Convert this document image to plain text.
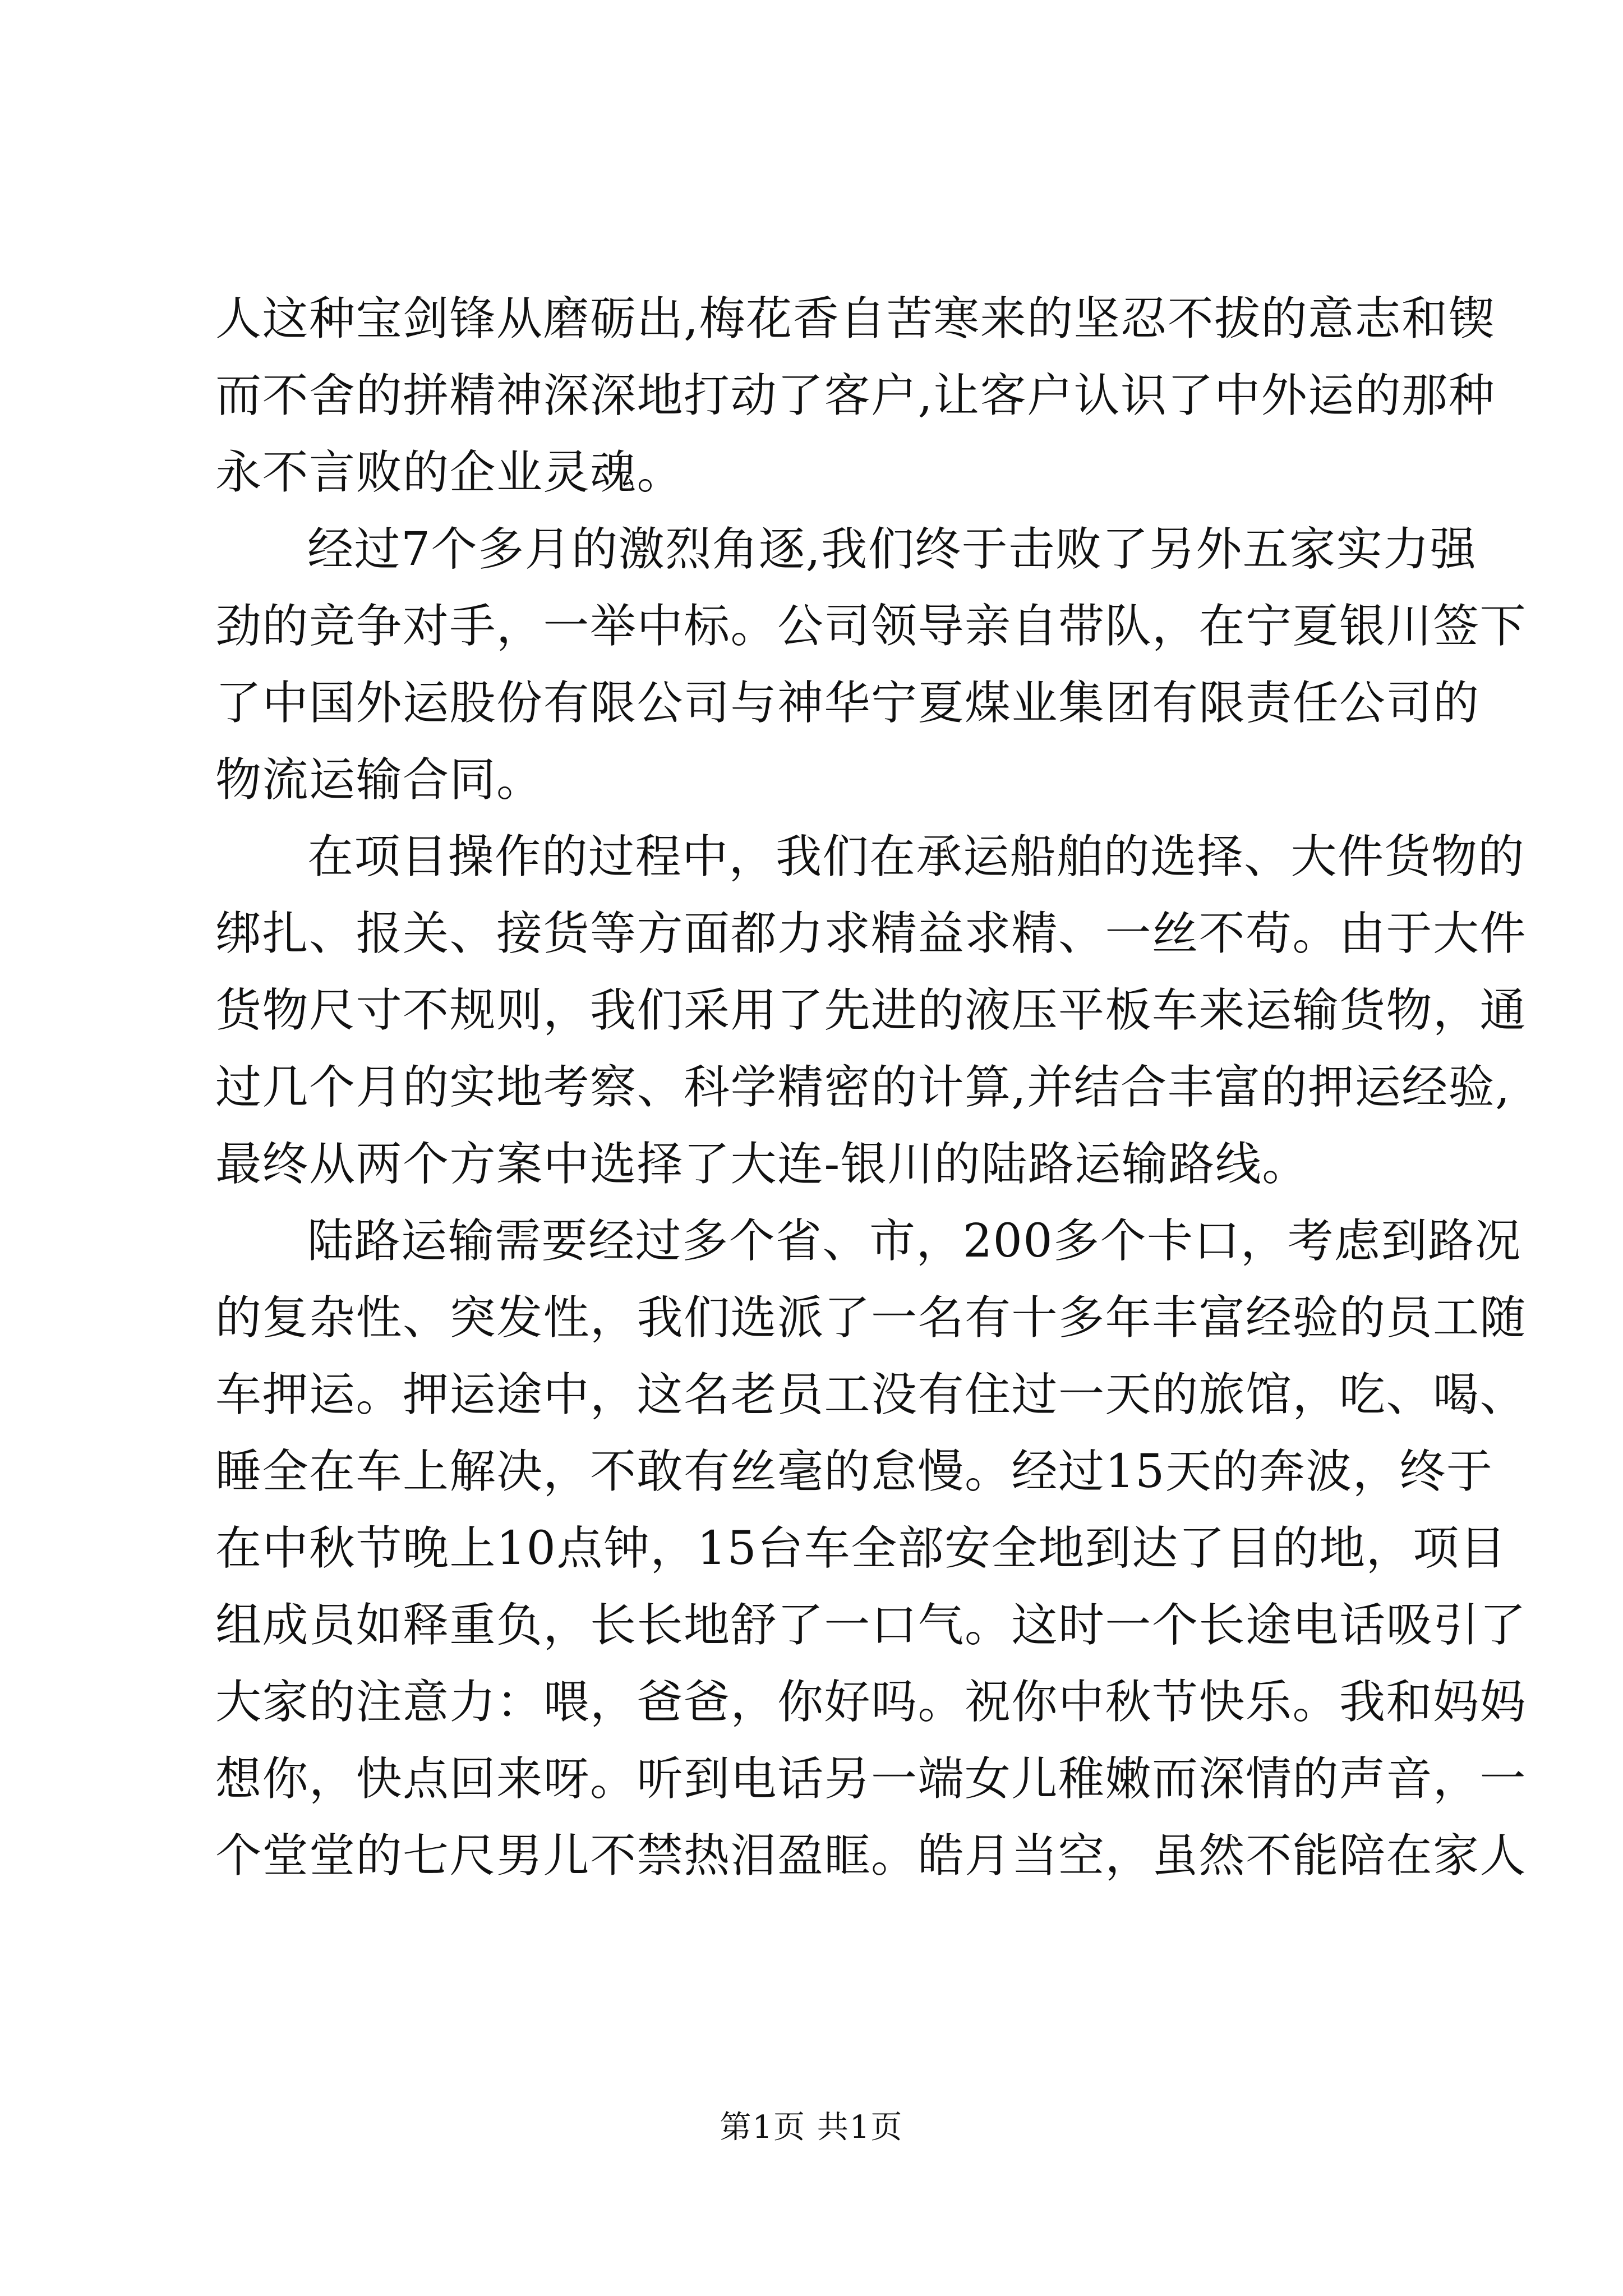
人这种宝剑锋从磨砺出,梅花香自苦寒来的坚忍不拔的意志和锲
而不舍的拼精神深深地打动了客户,让客户认识了中外运的那种
永不言败的企业灵魂。
经过7个多月的激烈角逐,我们终于击败了另外五家实力强
劲的竞争对手，一举中标。公司领导亲自带队，在宁夏银川签下
了中国外运股份有限公司与神华宁夏煤业集团有限责任公司的
物流运输合同。
在项目操作的过程中，我们在承运船舶的选择、大件货物的
绑扎、报关、接货等方面都力求精益求精、一丝不苟。由于大件
货物尺寸不规则，我们采用了先进的液压平板车来运输货物，通
过几个月的实地考察、科学精密的计算,并结合丰富的押运经验,
最终从两个方案中选择了大连-银川的陆路运输路线。
陆路运输需要经过多个省、市，200多个卡口，考虑到路况
的复杂性、突发性，我们选派了一名有十多年丰富经验的员工随
车押运。押运途中，这名老员工没有住过一天的旅馆，吃、喝、
睡全在车上解决，不敢有丝毫的怠慢。经过15天的奔波，终于
在中秋节晚上10点钟，15台车全部安全地到达了目的地，项目
组成员如释重负，长长地舒了一口气。这时一个长途电话吸引了
大家的注意力：喂，爸爸，你好吗。祝你中秋节快乐。我和妈妈
想你，快点回来呀。听到电话另一端女儿稚嫩而深情的声音，一
个堂堂的七尺男儿不禁热泪盈眶。皓月当空，虽然不能陪在家人
第1页 共1页
